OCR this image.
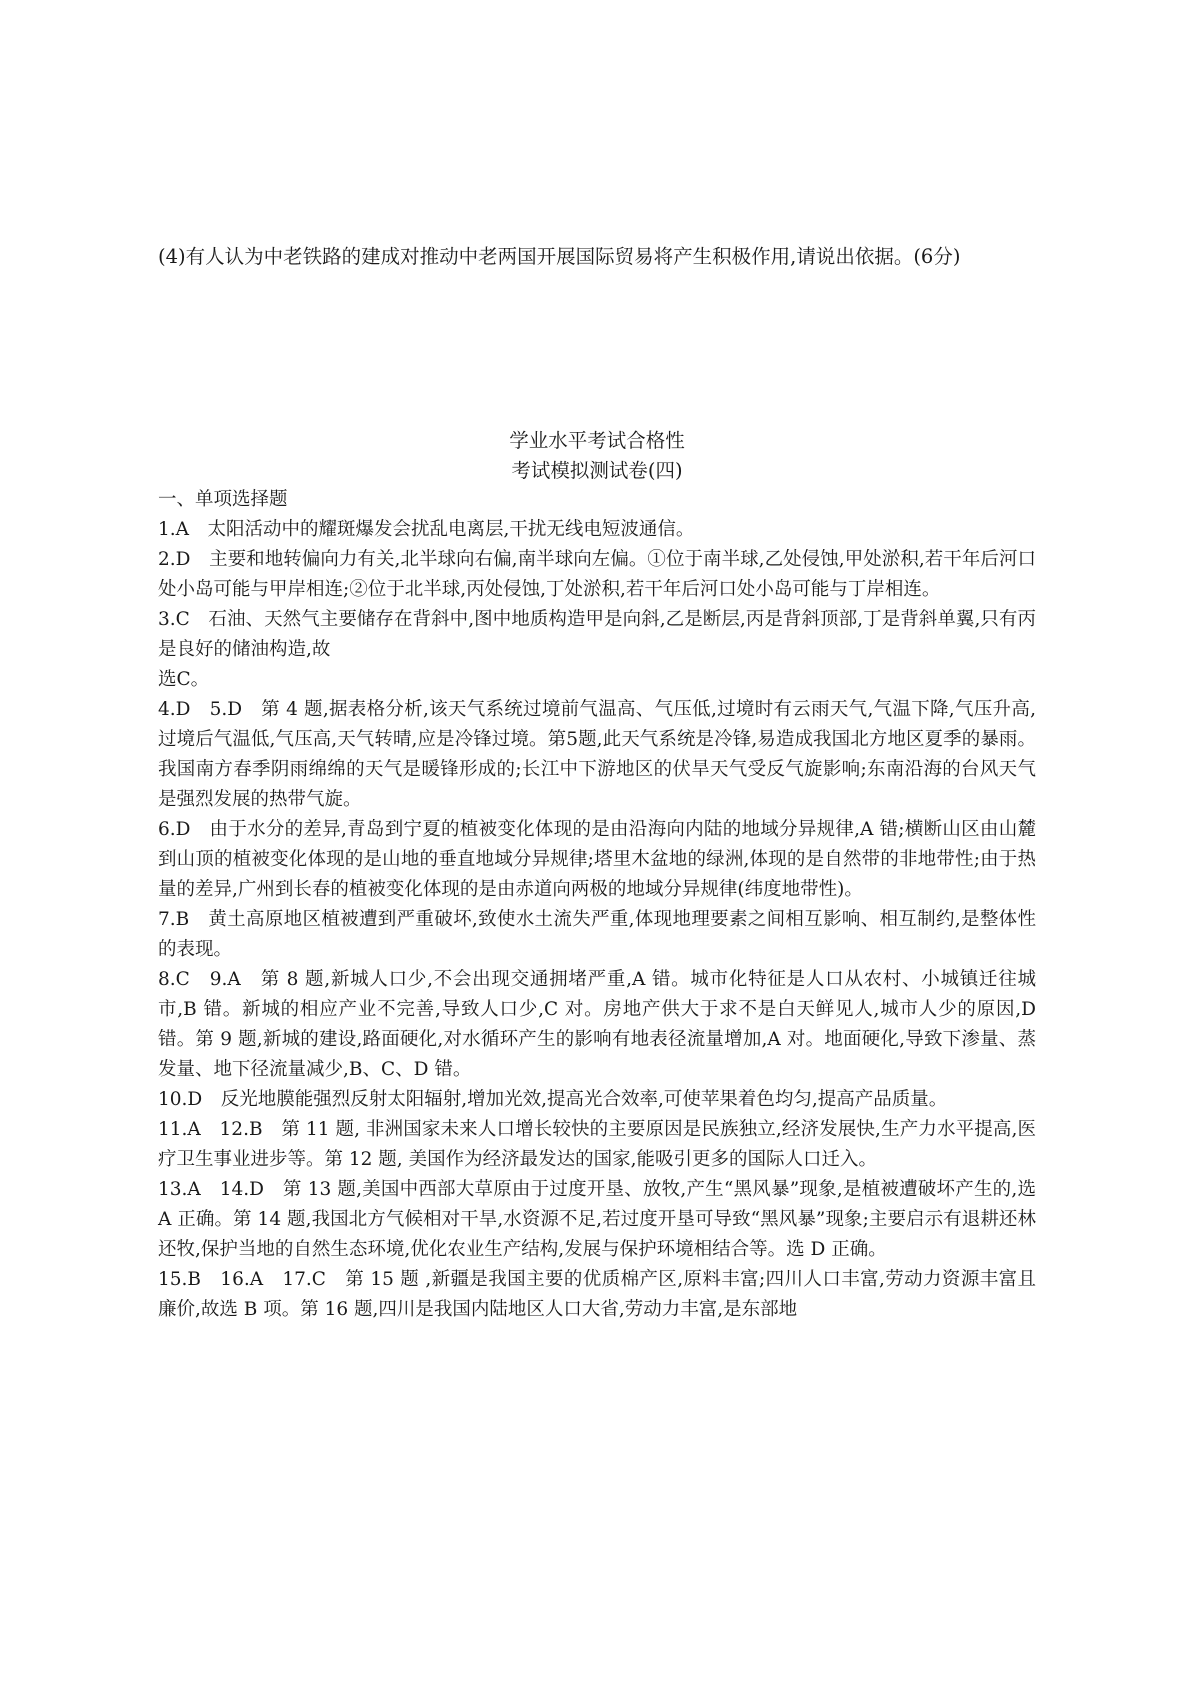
(4)有人认为中老铁路的建成对推动中老两国开展国际贸易将产生积极作用,请说出依据。(6分)
学业水平考试合格性
考试模拟测试卷(四)

一、单项选择题

1.A　太阳活动中的耀斑爆发会扰乱电离层,干扰无线电短波通信。

2.D　主要和地转偏向力有关,北半球向右偏,南半球向左偏。①位于南半球,乙处侵蚀,甲处淤积,若干年后河口处小岛可能与甲岸相连;②位于北半球,丙处侵蚀,丁处淤积,若干年后河口处小岛可能与丁岸相连。

3.C　石油、天然气主要储存在背斜中,图中地质构造甲是向斜,乙是断层,丙是背斜顶部,丁是背斜单翼,只有丙是良好的储油构造,故

选C。

4.D　5.D　第 4 题,据表格分析,该天气系统过境前气温高、气压低,过境时有云雨天气,气温下降,气压升高,过境后气温低,气压高,天气转晴,应是冷锋过境。第5题,此天气系统是冷锋,易造成我国北方地区夏季的暴雨。我国南方春季阴雨绵绵的天气是暖锋形成的;长江中下游地区的伏旱天气受反气旋影响;东南沿海的台风天气是强烈发展的热带气旋。

6.D　由于水分的差异,青岛到宁夏的植被变化体现的是由沿海向内陆的地域分异规律,A 错;横断山区由山麓到山顶的植被变化体现的是山地的垂直地域分异规律;塔里木盆地的绿洲,体现的是自然带的非地带性;由于热量的差异,广州到长春的植被变化体现的是由赤道向两极的地域分异规律(纬度地带性)。

7.B　黄土高原地区植被遭到严重破坏,致使水土流失严重,体现地理要素之间相互影响、相互制约,是整体性的表现。

8.C　9.A　第 8 题,新城人口少,不会出现交通拥堵严重,A 错。城市化特征是人口从农村、小城镇迁往城市,B 错。新城的相应产业不完善,导致人口少,C 对。房地产供大于求不是白天鲜见人,城市人少的原因,D 错。第 9 题,新城的建设,路面硬化,对水循环产生的影响有地表径流量增加,A 对。地面硬化,导致下渗量、蒸发量、地下径流量减少,B、C、D 错。

10.D　反光地膜能强烈反射太阳辐射,增加光效,提高光合效率,可使苹果着色均匀,提高产品质量。

11.A　12.B　第 11 题, 非洲国家未来人口增长较快的主要原因是民族独立,经济发展快,生产力水平提高,医疗卫生事业进步等。第 12 题, 美国作为经济最发达的国家,能吸引更多的国际人口迁入。

13.A　14.D　第 13 题,美国中西部大草原由于过度开垦、放牧,产生“黑风暴”现象,是植被遭破坏产生的,选 A 正确。第 14 题,我国北方气候相对干旱,水资源不足,若过度开垦可导致“黑风暴”现象;主要启示有退耕还林还牧,保护当地的自然生态环境,优化农业生产结构,发展与保护环境相结合等。选 D 正确。

15.B　16.A　17.C　第 15 题 ,新疆是我国主要的优质棉产区,原料丰富;四川人口丰富,劳动力资源丰富且廉价,故选 B 项。第 16 题,四川是我国内陆地区人口大省,劳动力丰富,是东部地
